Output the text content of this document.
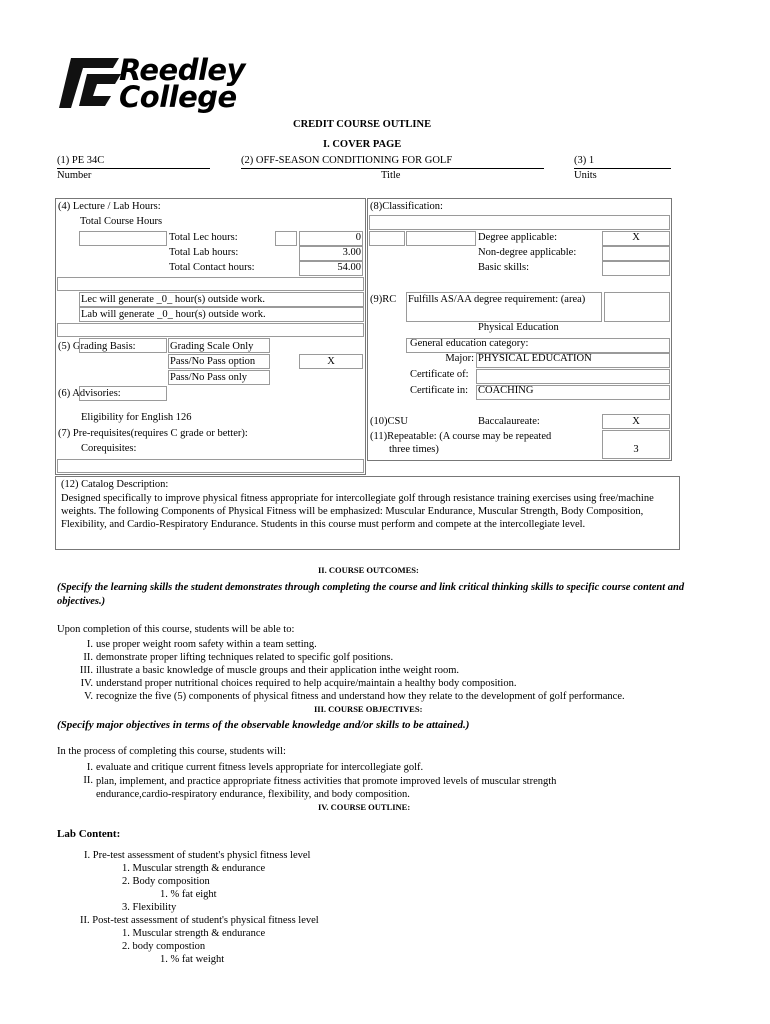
Reedley
College
CREDIT COURSE OUTLINE
I. COVER PAGE
(1) PE 34C	(2) OFF-SEASON CONDITIONING FOR GOLF	(3) 1
Number	Title	Units
(4) Lecture / Lab Hours:
Total Course Hours
Total Lec hours:	0
Total Lab hours:	3.00
Total Contact hours:	54.00
Lec will generate _0_ hour(s) outside work.
Lab will generate _0_ hour(s) outside work.
(5) Grading Basis:	Grading Scale Only
Pass/No Pass option	X
Pass/No Pass only
(6) Advisories:
Eligibility for English 126
(7) Pre-requisites(requires C grade or better):
Corequisites:
(8)Classification:
Degree applicable:	X
Non-degree applicable:
Basic skills:
(9)RC Fulfills AS/AA degree requirement: (area)
Physical Education
General education category:
Major: PHYSICAL EDUCATION
Certificate of:
Certificate in: COACHING
(10)CSU	Baccalaureate:	X
(11)Repeatable: (A course may be repeated
three times)	3
(12) Catalog Description:
Designed specifically to improve physical fitness appropriate for intercollegiate golf through resistance training exercises using free/machine weights. The following Components of Physical Fitness will be emphasized: Muscular Endurance, Muscular Strength, Body Composition, Flexibility, and Cardio-Respiratory Endurance. Students in this course must perform and compete at the intercollegiate level.
II. COURSE OUTCOMES:
(Specify the learning skills the student demonstrates through completing the course and link critical thinking skills to specific course content and objectives.)
Upon completion of this course, students will be able to:
I. use proper weight room safety within a team setting.
II. demonstrate proper lifting techniques related to specific golf positions.
III. illustrate a basic knowledge of muscle groups and their application inthe weight room.
IV. understand proper nutritional choices required to help acquire/maintain a healthy body composition.
V. recognize the five (5) components of physical fitness and understand how they relate to the development of golf performance.
III. COURSE OBJECTIVES:
(Specify major objectives in terms of the observable knowledge and/or skills to be attained.)
In the process of completing this course, students will:
I. evaluate and critique current fitness levels appropriate for intercollegiate golf.
II. plan, implement, and practice appropriate fitness activities that promote improved levels of muscular strength endurance,cardio-respiratory endurance, flexibility, and body composition.
IV. COURSE OUTLINE:
Lab Content:
I. Pre-test assessment of student's physicl fitness level
1. Muscular strength & endurance
2. Body composition
1. % fat eight
3. Flexibility
II. Post-test assessment of student's physical fitness level
1. Muscular strength & endurance
2. body compostion
1. % fat weight
